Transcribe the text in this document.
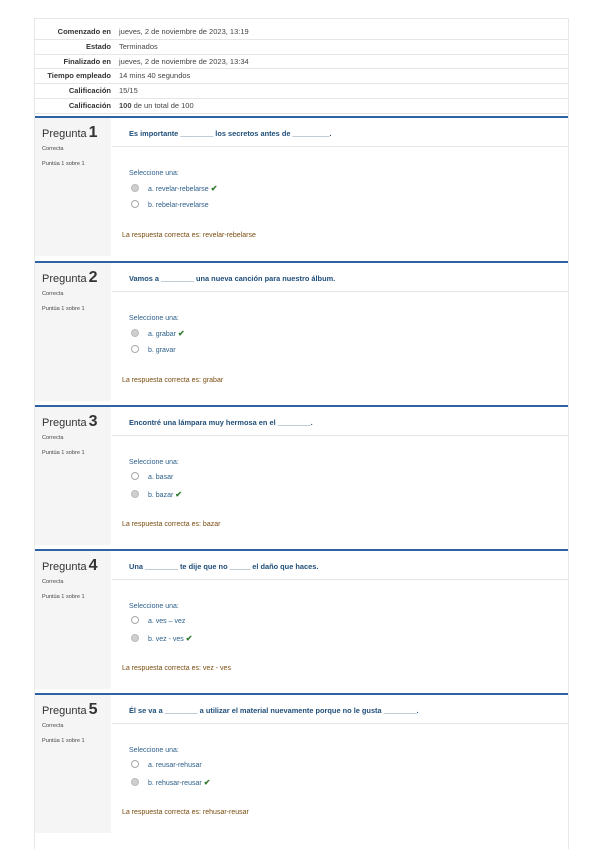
Comenzado en jueves, 2 de noviembre de 2023, 13:19
Estado Terminados
Finalizado en jueves, 2 de noviembre de 2023, 13:34
Tiempo empleado 14 mins 40 segundos
Calificación 15/15
Calificación 100 de un total de 100
Pregunta 1
Correcta
Puntúa 1 sobre 1
Es importante ________ los secretos antes de _________.
Seleccione una:
a. revelar-rebelarse ✔
b. rebelar-revelarse
La respuesta correcta es: revelar-rebelarse
Pregunta 2
Correcta
Puntúa 1 sobre 1
Vamos a ________ una nueva canción para nuestro álbum.
Seleccione una:
a. grabar ✔
b. gravar
La respuesta correcta es: grabar
Pregunta 3
Correcta
Puntúa 1 sobre 1
Encontré una lámpara muy hermosa en el ________.
Seleccione una:
a. basar
b. bazar ✔
La respuesta correcta es: bazar
Pregunta 4
Correcta
Puntúa 1 sobre 1
Una ________ te dije que no _____ el daño que haces.
Seleccione una:
a. ves – vez
b. vez - ves ✔
La respuesta correcta es: vez - ves
Pregunta 5
Correcta
Puntúa 1 sobre 1
Él se va a ________ a utilizar el material nuevamente porque no le gusta ________.
Seleccione una:
a. reusar-rehusar
b. rehusar-reusar ✔
La respuesta correcta es: rehusar-reusar
